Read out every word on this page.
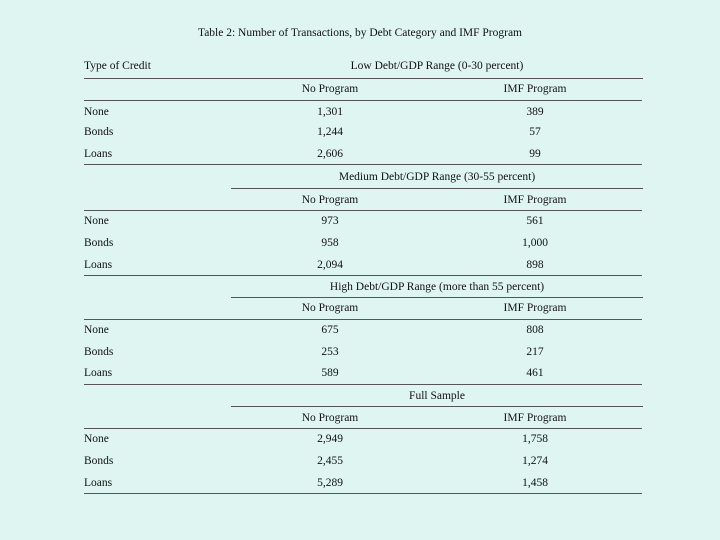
Table 2: Number of Transactions, by Debt Category and IMF Program
Type of Credit	Low Debt/GDP Range (0-30 percent)
No Program	IMF Program
None	1,301	389
Bonds	1,244	57
Loans	2,606	99
Medium Debt/GDP Range (30-55 percent)
No Program	IMF Program
None	973	561
Bonds	958	1,000
Loans	2,094	898
High Debt/GDP Range (more than 55 percent)
No Program	IMF Program
None	675	808
Bonds	253	217
Loans	589	461
Full Sample
No Program	IMF Program
None	2,949	1,758
Bonds	2,455	1,274
Loans	5,289	1,458
